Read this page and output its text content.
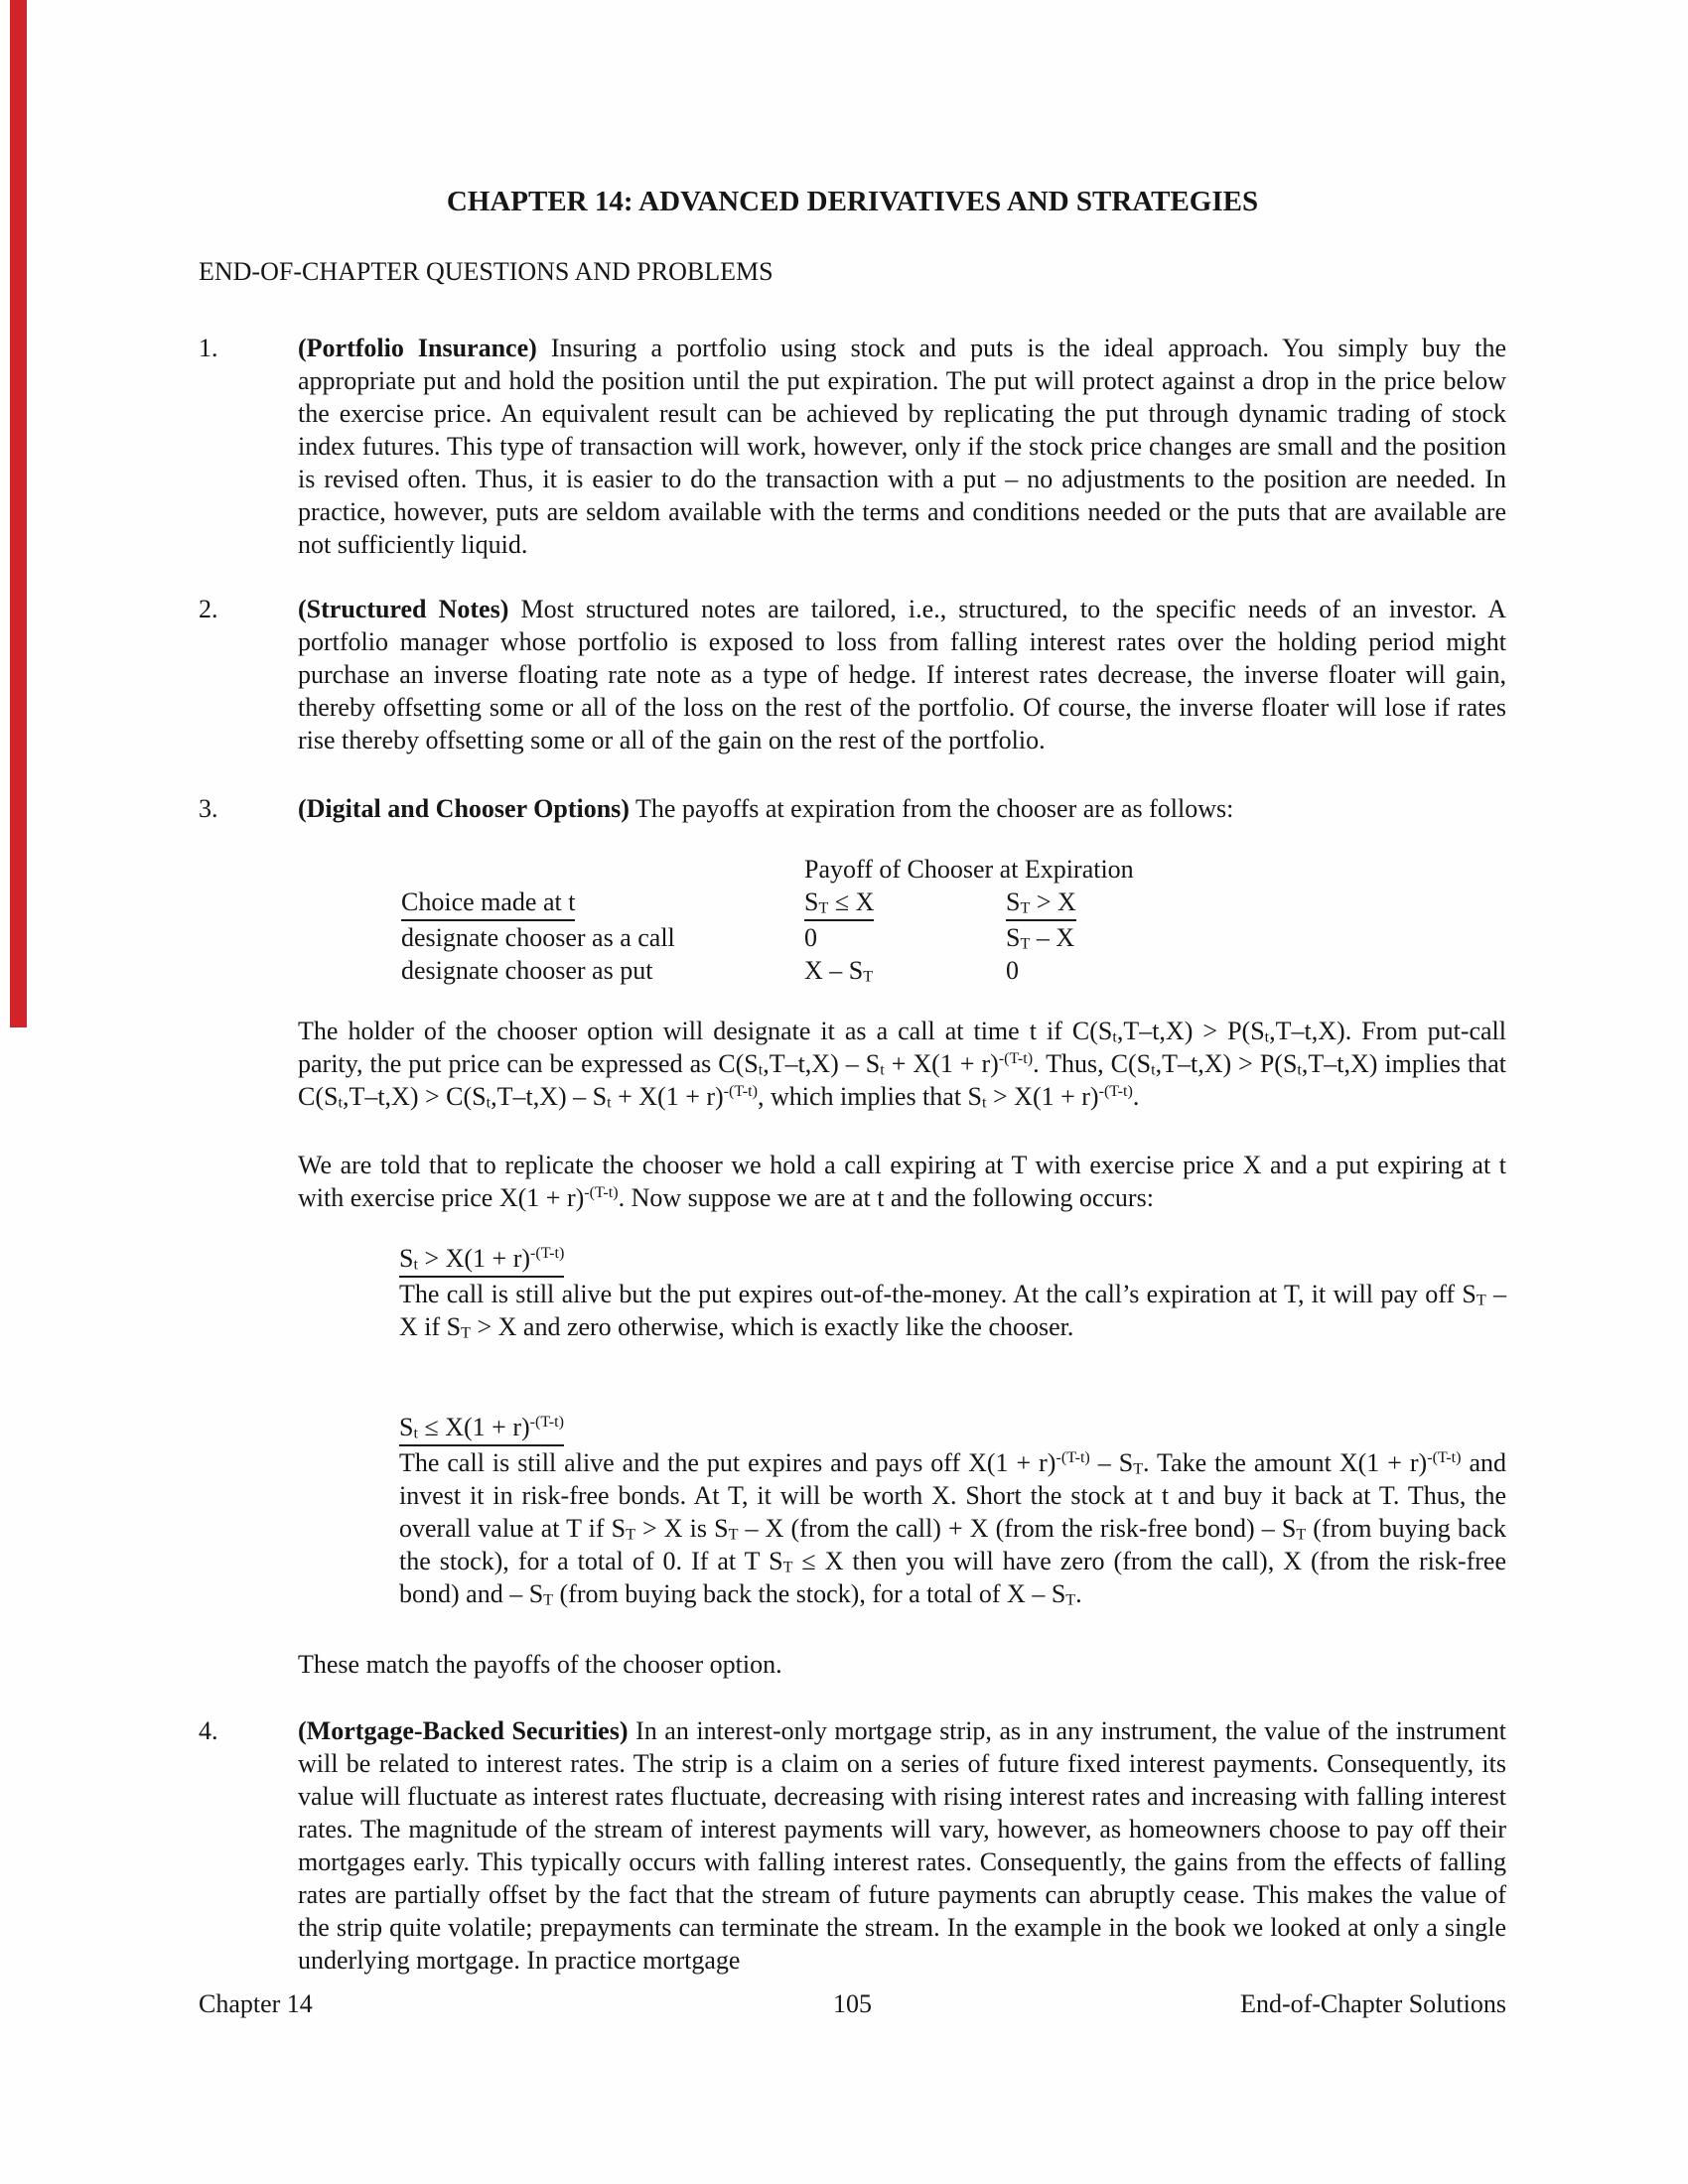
CHAPTER 14: ADVANCED DERIVATIVES AND STRATEGIES
END-OF-CHAPTER QUESTIONS AND PROBLEMS
1.	(Portfolio Insurance) Insuring a portfolio using stock and puts is the ideal approach. You simply buy the appropriate put and hold the position until the put expiration. The put will protect against a drop in the price below the exercise price. An equivalent result can be achieved by replicating the put through dynamic trading of stock index futures. This type of transaction will work, however, only if the stock price changes are small and the position is revised often. Thus, it is easier to do the transaction with a put – no adjustments to the position are needed. In practice, however, puts are seldom available with the terms and conditions needed or the puts that are available are not sufficiently liquid.
2.	(Structured Notes) Most structured notes are tailored, i.e., structured, to the specific needs of an investor. A portfolio manager whose portfolio is exposed to loss from falling interest rates over the holding period might purchase an inverse floating rate note as a type of hedge. If interest rates decrease, the inverse floater will gain, thereby offsetting some or all of the loss on the rest of the portfolio. Of course, the inverse floater will lose if rates rise thereby offsetting some or all of the gain on the rest of the portfolio.
3.	(Digital and Chooser Options) The payoffs at expiration from the chooser are as follows:
Payoff of Chooser at Expiration
Choice made at t	$S_T \le X$	$S_T > X$
designate chooser as a call	0	$S_T$ – X
designate chooser as put	X – $S_T$	0
The holder of the chooser option will designate it as a call at time t if $C(S_t,T-t,X) > P(S_t,T-t,X)$. From put-call parity, the put price can be expressed as $C(S_t,T-t,X) - S_t + X(1 + r)^{-(T-t)}$. Thus, $C(S_t,T-t,X) > P(S_t,T-t,X)$ implies that $C(S_t,T-t,X) > C(S_t,T-t,X) - S_t + X(1 + r)^{-(T-t)}$, which implies that $S_t > X(1 + r)^{-(T-t)}$.
We are told that to replicate the chooser we hold a call expiring at T with exercise price X and a put expiring at t with exercise price $X(1 + r)^{-(T-t)}$. Now suppose we are at t and the following occurs:
$S_t > X(1 + r)^{-(T-t)}$
The call is still alive but the put expires out-of-the-money. At the call’s expiration at T, it will pay off $S_T$ – X if $S_T > X$ and zero otherwise, which is exactly like the chooser.
$S_t \le X(1 + r)^{-(T-t)}$
The call is still alive and the put expires and pays off $X(1 + r)^{-(T-t)} - S_T$. Take the amount $X(1 + r)^{-(T-t)}$ and invest it in risk-free bonds. At T, it will be worth X. Short the stock at t and buy it back at T. Thus, the overall value at T if $S_T > X$ is $S_T$ – X (from the call) + X (from the risk-free bond) – $S_T$ (from buying back the stock), for a total of 0. If at T $S_T \le X$ then you will have zero (from the call), X (from the risk-free bond) and – $S_T$ (from buying back the stock), for a total of X – $S_T$.
These match the payoffs of the chooser option.
4.	(Mortgage-Backed Securities) In an interest-only mortgage strip, as in any instrument, the value of the instrument will be related to interest rates. The strip is a claim on a series of future fixed interest payments. Consequently, its value will fluctuate as interest rates fluctuate, decreasing with rising interest rates and increasing with falling interest rates. The magnitude of the stream of interest payments will vary, however, as homeowners choose to pay off their mortgages early. This typically occurs with falling interest rates. Consequently, the gains from the effects of falling rates are partially offset by the fact that the stream of future payments can abruptly cease. This makes the value of the strip quite volatile; prepayments can terminate the stream. In the example in the book we looked at only a single underlying mortgage. In practice mortgage
Chapter 14	105	End-of-Chapter Solutions
